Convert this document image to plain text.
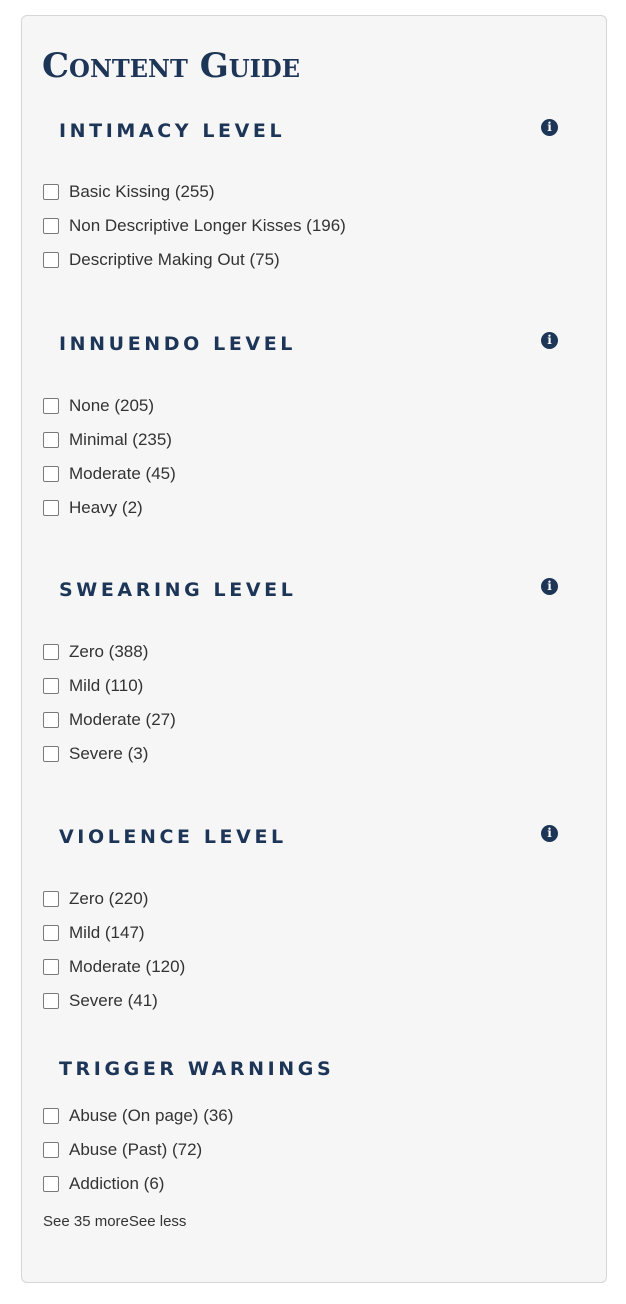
Content Guide
INTIMACY LEVEL	i
Basic Kissing (255)
Non Descriptive Longer Kisses (196)
Descriptive Making Out (75)
INNUENDO LEVEL	i
None (205)
Minimal (235)
Moderate (45)
Heavy (2)
SWEARING LEVEL	i
Zero (388)
Mild (110)
Moderate (27)
Severe (3)
VIOLENCE LEVEL	i
Zero (220)
Mild (147)
Moderate (120)
Severe (41)
TRIGGER WARNINGS
Abuse (On page) (36)
Abuse (Past) (72)
Addiction (6)
See 35 moreSee less
